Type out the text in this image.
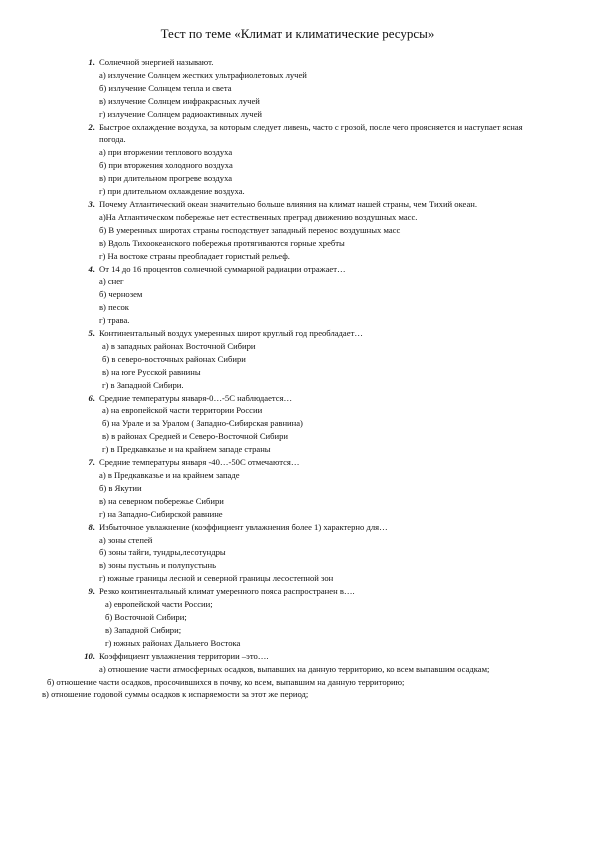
Тест по теме «Климат и климатические ресурсы»
1. Солнечной энергией называют.
а) излучение Солнцем жестких ультрафиолетовых лучей
б) излучение Солнцем тепла и света
в) излучение Солнцем инфракрасных лучей
г) излучение Солнцем радиоактивных лучей
2. Быстрое охлаждение воздуха, за которым следует ливень, часто с грозой, после чего проясняется и наступает ясная погода.
а) при вторжении теплового воздуха
б) при вторжения холодного воздуха
в) при длительном прогреве воздуха
г) при длительном охлаждение воздуха.
3. Почему Атлантический океан значительно больше влияния на климат нашей страны, чем Тихий океан.
а)На Атлантическом побережье нет естественных преград движению воздушных масс.
б) В умеренных широтах страны господствует западный перенос воздушных масс
в) Вдоль Тихоокеанского побережья протягиваются горные хребты
г) На востоке страны преобладает гористый рельеф.
4. От 14 до 16 процентов солнечной суммарной радиации отражает…
а) снег
б) чернозем
в) песок
г) трава.
5. Континентальный воздух умеренных широт круглый год преобладает…
а) в западных районах Восточной Сибири
б) в северо-восточных районах Сибири
в) на юге Русской равнины
г) в Западной Сибири.
6. Средние температуры января-0…-5С наблюдается…
а) на европейской части территории России
б) на Урале и за Уралом ( Западно-Сибирская равнина)
в) в районах Средней и Северо-Восточной Сибири
г) в Предкавказье и на крайнем западе страны
7. Средние температуры января -40…-50С отмечаются…
а) в Предкавказье и на крайнем западе
б) в Якутии
в) на северном побережье Сибири
г) на Западно-Сибирской равнине
8. Избыточное увлажнение (коэффициент увлажнения более 1) характерно для…
а) зоны степей
б) зоны тайги, тундры,лесотундры
в) зоны пустынь и полупустынь
г) южные границы лесной и северной границы лесостепной зон
9. Резко континентальный климат умеренного пояса распространен в….
а) европейской части России;
б) Восточной Сибири;
в) Западной Сибири;
г) южных районах Дальнего Востока
10. Коэффициент увлажнения территории –это….
а) отношение части атмосферных осадков, выпавших на данную территорию, ко всем выпавшим осадкам;
б) отношение части осадков, просочившихся в почву, ко всем, выпавшим на данную территорию;
в) отношение годовой суммы осадков к испаряемости за этот же период;
